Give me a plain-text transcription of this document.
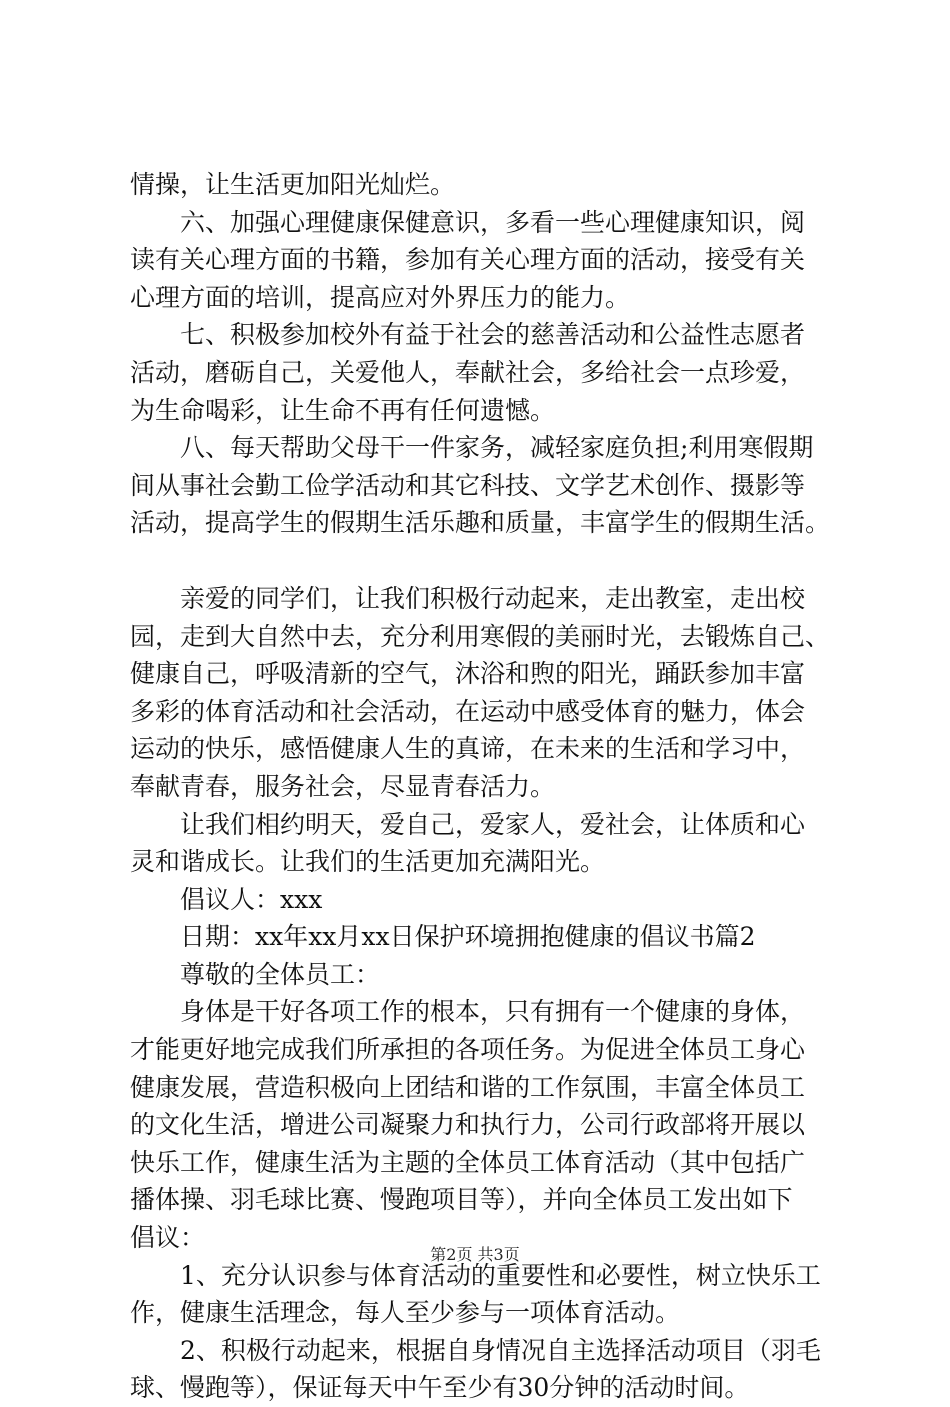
情操，让生活更加阳光灿烂。
六、加强心理健康保健意识，多看一些心理健康知识，阅
读有关心理方面的书籍，参加有关心理方面的活动，接受有关
心理方面的培训，提高应对外界压力的能力。
七、积极参加校外有益于社会的慈善活动和公益性志愿者
活动，磨砺自己，关爱他人，奉献社会，多给社会一点珍爱，
为生命喝彩，让生命不再有任何遗憾。
八、每天帮助父母干一件家务，减轻家庭负担;利用寒假期
间从事社会勤工俭学活动和其它科技、文学艺术创作、摄影等
活动，提高学生的假期生活乐趣和质量，丰富学生的假期生活。
亲爱的同学们，让我们积极行动起来，走出教室，走出校
园，走到大自然中去，充分利用寒假的美丽时光，去锻炼自己、
健康自己，呼吸清新的空气，沐浴和煦的阳光，踊跃参加丰富
多彩的体育活动和社会活动，在运动中感受体育的魅力，体会
运动的快乐，感悟健康人生的真谛，在未来的生活和学习中，
奉献青春，服务社会，尽显青春活力。
让我们相约明天，爱自己，爱家人，爱社会，让体质和心
灵和谐成长。让我们的生活更加充满阳光。
倡议人：xxx
日期：xx年xx月xx日保护环境拥抱健康的倡议书篇2
尊敬的全体员工：
身体是干好各项工作的根本，只有拥有一个健康的身体，
才能更好地完成我们所承担的各项任务。为促进全体员工身心
健康发展，营造积极向上团结和谐的工作氛围，丰富全体员工
的文化生活，增进公司凝聚力和执行力，公司行政部将开展以
快乐工作，健康生活为主题的全体员工体育活动（其中包括广
播体操、羽毛球比赛、慢跑项目等），并向全体员工发出如下
倡议：
1、充分认识参与体育活动的重要性和必要性，树立快乐工
作，健康生活理念，每人至少参与一项体育活动。
2、积极行动起来，根据自身情况自主选择活动项目（羽毛
球、慢跑等），保证每天中午至少有30分钟的活动时间。
第2页 共3页
